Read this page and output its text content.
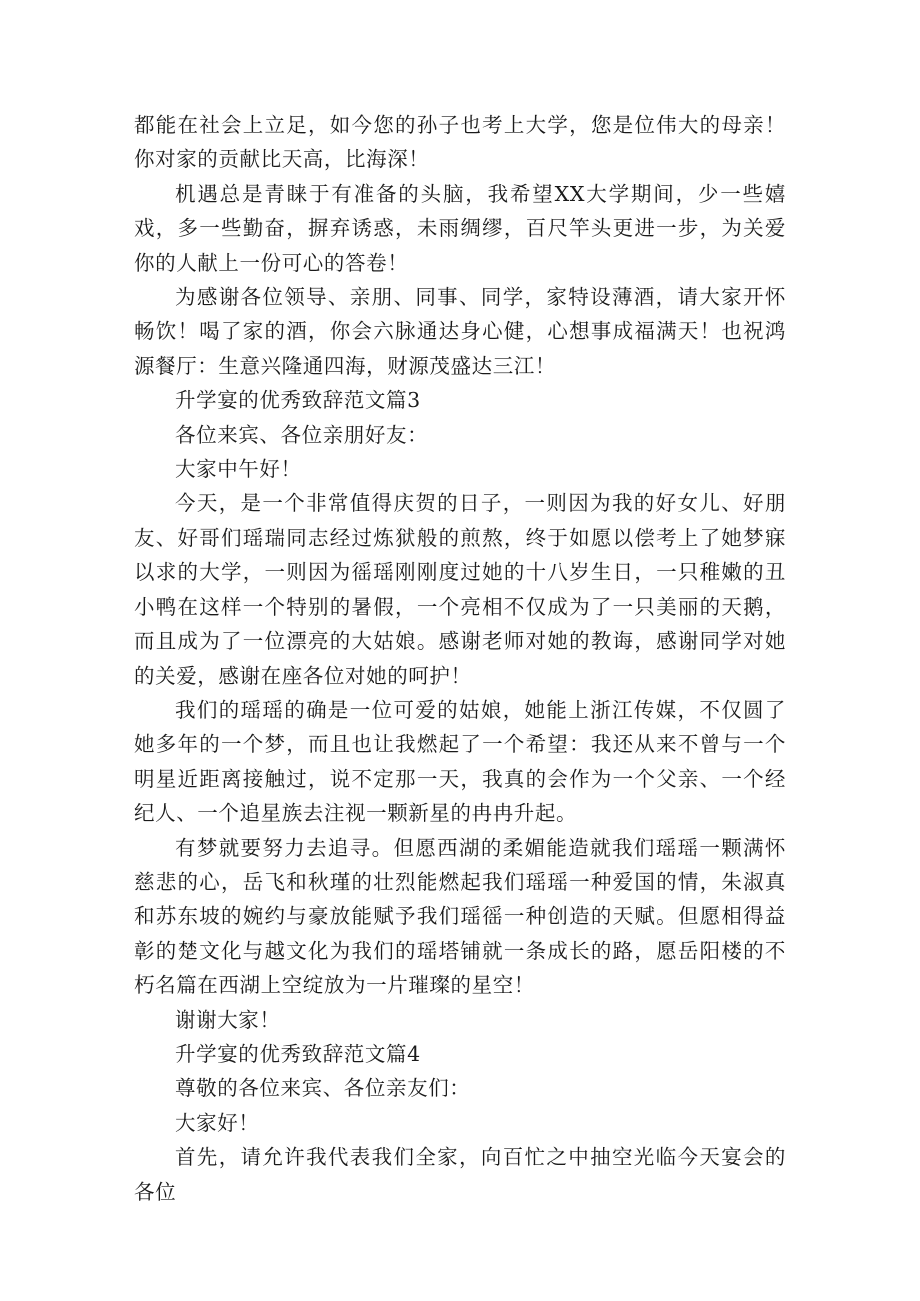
都能在社会上立足，如今您的孙子也考上大学，您是位伟大的母亲！你对家的贡献比天高，比海深！

机遇总是青睐于有准备的头脑，我希望XX大学期间，少一些嬉戏，多一些勤奋，摒弃诱惑，未雨绸缪，百尺竿头更进一步，为关爱你的人献上一份可心的答卷！

为感谢各位领导、亲朋、同事、同学，家特设薄酒，请大家开怀畅饮！喝了家的酒，你会六脉通达身心健，心想事成福满天！也祝鸿源餐厅：生意兴隆通四海，财源茂盛达三江！

升学宴的优秀致辞范文篇3

各位来宾、各位亲朋好友：

大家中午好！

今天，是一个非常值得庆贺的日子，一则因为我的好女儿、好朋友、好哥们瑶瑞同志经过炼狱般的煎熬，终于如愿以偿考上了她梦寐以求的大学，一则因为徭瑶刚刚度过她的十八岁生日，一只稚嫩的丑小鸭在这样一个特别的暑假，一个亮相不仅成为了一只美丽的天鹅，而且成为了一位漂亮的大姑娘。感谢老师对她的教诲，感谢同学对她的关爱，感谢在座各位对她的呵护！

我们的瑶瑶的确是一位可爱的姑娘，她能上浙江传媒，不仅圆了她多年的一个梦，而且也让我燃起了一个希望：我还从来不曾与一个明星近距离接触过，说不定那一天，我真的会作为一个父亲、一个经纪人、一个追星族去注视一颗新星的冉冉升起。

有梦就要努力去追寻。但愿西湖的柔媚能造就我们瑶瑶一颗满怀慈悲的心，岳飞和秋瑾的壮烈能燃起我们瑶瑶一种爱国的情，朱淑真和苏东坡的婉约与豪放能赋予我们瑶徭一种创造的天赋。但愿相得益彰的楚文化与越文化为我们的瑶塔铺就一条成长的路，愿岳阳楼的不朽名篇在西湖上空绽放为一片璀璨的星空！

谢谢大家！

升学宴的优秀致辞范文篇4

尊敬的各位来宾、各位亲友们：

大家好！

首先，请允许我代表我们全家，向百忙之中抽空光临今天宴会的各位
